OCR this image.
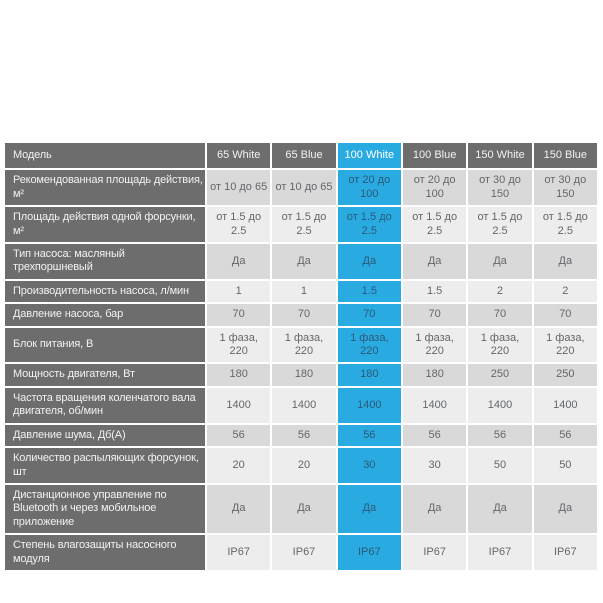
Модель	65 White	65 Blue	100 White	100 Blue	150 White	150 Blue
Рекомендованная площадь действия, м²	от 10 до 65	от 10 до 65	от 20 до 100	от 20 до 100	от 30 до 150	от 30 до 150
Площадь действия одной форсунки, м²	от 1.5 до 2.5	от 1.5 до 2.5	от 1.5 до 2.5	от 1.5 до 2.5	от 1.5 до 2.5	от 1.5 до 2.5
Тип насоса: масляный трехпоршневый	Да	Да	Да	Да	Да	Да
Производительность насоса, л/мин	1	1	1.5	1.5	2	2
Давление насоса, бар	70	70	70	70	70	70
Блок питания, В	1 фаза, 220	1 фаза, 220	1 фаза, 220	1 фаза, 220	1 фаза, 220	1 фаза, 220
Мощность двигателя, Вт	180	180	180	180	250	250
Частота вращения коленчатого вала двигателя, об/мин	1400	1400	1400	1400	1400	1400
Давление шума, Дб(А)	56	56	56	56	56	56
Количество распыляющих форсунок, шт	20	20	30	30	50	50
Дистанционное управление по Bluetooth и через мобильное приложение	Да	Да	Да	Да	Да	Да
Степень влагозащиты насосного модуля	IP67	IP67	IP67	IP67	IP67	IP67
